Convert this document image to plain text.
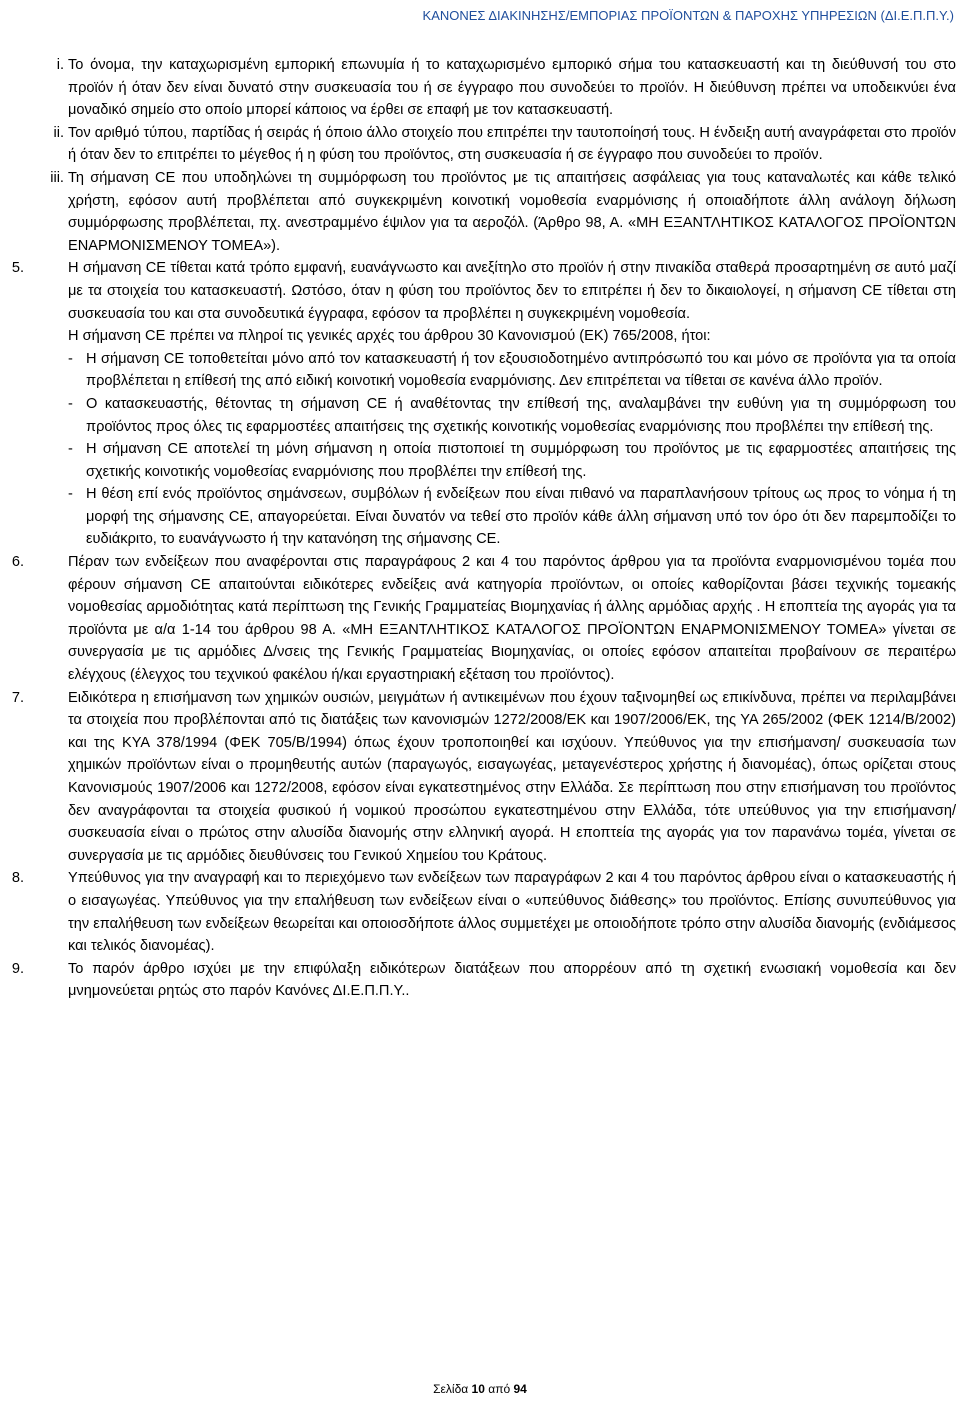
ΚΑΝΟΝΕΣ ΔΙΑΚΙΝΗΣΗΣ/ΕΜΠΟΡΙΑΣ ΠΡΟΪΟΝΤΩΝ & ΠΑΡΟΧΗΣ ΥΠΗΡΕΣΙΩΝ (ΔΙ.Ε.Π.Π.Υ.)
i. Το όνομα, την καταχωρισμένη εμπορική επωνυμία ή το καταχωρισμένο εμπορικό σήμα του κατασκευαστή και τη διεύθυνσή του στο προϊόν ή όταν δεν είναι δυνατό στην συσκευασία του ή σε έγγραφο που συνοδεύει το προϊόν. Η διεύθυνση πρέπει να υποδεικνύει ένα μοναδικό σημείο στο οποίο μπορεί κάποιος να έρθει σε επαφή με τον κατασκευαστή.
ii. Τον αριθμό τύπου, παρτίδας ή σειράς ή όποιο άλλο στοιχείο που επιτρέπει την ταυτοποίησή τους. Η ένδειξη αυτή αναγράφεται στο προϊόν ή όταν δεν το επιτρέπει το μέγεθος ή η φύση του προϊόντος, στη συσκευασία ή σε έγγραφο που συνοδεύει το προϊόν.
iii. Τη σήμανση CE που υποδηλώνει τη συμμόρφωση του προϊόντος με τις απαιτήσεις ασφάλειας για τους καταναλωτές και κάθε τελικό χρήστη, εφόσον αυτή προβλέπεται από συγκεκριμένη κοινοτική νομοθεσία εναρμόνισης ή οποιαδήποτε άλλη ανάλογη δήλωση συμμόρφωσης προβλέπεται, πχ. ανεστραμμένο έψιλον για τα αεροζόλ. (Άρθρο 98, Α. «ΜΗ ΕΞΑΝΤΛΗΤΙΚΟΣ ΚΑΤΑΛΟΓΟΣ ΠΡΟΪΟΝΤΩΝ ΕΝΑΡΜΟΝΙΣΜΕΝΟΥ ΤΟΜΕΑ»).
5.	Η σήμανση CE τίθεται κατά τρόπο εμφανή, ευανάγνωστο και ανεξίτηλο στο προϊόν ή στην πινακίδα σταθερά προσαρτημένη σε αυτό μαζί με τα στοιχεία του κατασκευαστή. Ωστόσο, όταν η φύση του προϊόντος δεν το επιτρέπει ή δεν το δικαιολογεί, η σήμανση CE τίθεται στη συσκευασία του και στα συνοδευτικά έγγραφα, εφόσον τα προβλέπει η συγκεκριμένη νομοθεσία.
Η σήμανση CE πρέπει να πληροί τις γενικές αρχές του άρθρου 30 Κανονισμού (ΕΚ) 765/2008, ήτοι:
- Η σήμανση CE τοποθετείται μόνο από τον κατασκευαστή ή τον εξουσιοδοτημένο αντιπρόσωπό του και μόνο σε προϊόντα για τα οποία προβλέπεται η επίθεσή της από ειδική κοινοτική νομοθεσία εναρμόνισης. Δεν επιτρέπεται να τίθεται σε κανένα άλλο προϊόν.
- Ο κατασκευαστής, θέτοντας τη σήμανση CE ή αναθέτοντας την επίθεσή της, αναλαμβάνει την ευθύνη για τη συμμόρφωση του προϊόντος προς όλες τις εφαρμοστέες απαιτήσεις της σχετικής κοινοτικής νομοθεσίας εναρμόνισης που προβλέπει την επίθεσή της.
- Η σήμανση CE αποτελεί τη μόνη σήμανση η οποία πιστοποιεί τη συμμόρφωση του προϊόντος με τις εφαρμοστέες απαιτήσεις της σχετικής κοινοτικής νομοθεσίας εναρμόνισης που προβλέπει την επίθεσή της.
- Η θέση επί ενός προϊόντος σημάνσεων, συμβόλων ή ενδείξεων που είναι πιθανό να παραπλανήσουν τρίτους ως προς το νόημα ή τη μορφή της σήμανσης CE, απαγορεύεται. Είναι δυνατόν να τεθεί στο προϊόν κάθε άλλη σήμανση υπό τον όρο ότι δεν παρεμποδίζει το ευδιάκριτο, το ευανάγνωστο ή την κατανόηση της σήμανσης CE.
6.	Πέραν των ενδείξεων που αναφέρονται στις παραγράφους 2 και 4 του παρόντος άρθρου για τα προϊόντα εναρμονισμένου τομέα που φέρουν σήμανση CE απαιτούνται ειδικότερες ενδείξεις ανά κατηγορία προϊόντων, οι οποίες καθορίζονται βάσει τεχνικής τομεακής νομοθεσίας αρμοδιότητας κατά περίπτωση της Γενικής Γραμματείας Βιομηχανίας ή άλλης αρμόδιας αρχής . Η εποπτεία της αγοράς για τα προϊόντα με α/α 1-14 του άρθρου 98 Α. «ΜΗ ΕΞΑΝΤΛΗΤΙΚΟΣ ΚΑΤΑΛΟΓΟΣ ΠΡΟΪΟΝΤΩΝ ΕΝΑΡΜΟΝΙΣΜΕΝΟΥ ΤΟΜΕΑ» γίνεται σε συνεργασία με τις αρμόδιες Δ/νσεις της Γενικής Γραμματείας Βιομηχανίας, οι οποίες εφόσον απαιτείται προβαίνουν σε περαιτέρω ελέγχους (έλεγχος του τεχνικού φακέλου ή/και εργαστηριακή εξέταση του προϊόντος).
7.	Ειδικότερα η επισήμανση των χημικών ουσιών, μειγμάτων ή αντικειμένων που έχουν ταξινομηθεί ως επικίνδυνα, πρέπει να περιλαμβάνει τα στοιχεία που προβλέπονται από τις διατάξεις των κανονισμών 1272/2008/ΕΚ και 1907/2006/ΕΚ, της ΥΑ 265/2002 (ΦΕΚ 1214/Β/2002) και της ΚΥΑ 378/1994 (ΦΕΚ 705/Β/1994) όπως έχουν τροποποιηθεί και ισχύουν. Υπεύθυνος για την επισήμανση/ συσκευασία των χημικών προϊόντων είναι ο προμηθευτής αυτών (παραγωγός, εισαγωγέας, μεταγενέστερος χρήστης ή διανομέας), όπως ορίζεται στους Κανονισμούς 1907/2006 και 1272/2008, εφόσον είναι εγκατεστημένος στην Ελλάδα. Σε περίπτωση που στην επισήμανση του προϊόντος δεν αναγράφονται τα στοιχεία φυσικού ή νομικού προσώπου εγκατεστημένου στην Ελλάδα, τότε υπεύθυνος για την επισήμανση/συσκευασία είναι ο πρώτος στην αλυσίδα διανομής στην ελληνική αγορά. Η εποπτεία της αγοράς για τον παρανάνω τομέα, γίνεται σε συνεργασία με τις αρμόδιες διευθύνσεις του Γενικού Χημείου του Κράτους.
8.	Υπεύθυνος για την αναγραφή και το περιεχόμενο των ενδείξεων των παραγράφων 2 και 4 του παρόντος άρθρου είναι ο κατασκευαστής ή ο εισαγωγέας. Υπεύθυνος για την επαλήθευση των ενδείξεων είναι ο «υπεύθυνος διάθεσης» του προϊόντος. Επίσης συνυπεύθυνος για την επαλήθευση των ενδείξεων θεωρείται και οποιοσδήποτε άλλος συμμετέχει με οποιοδήποτε τρόπο στην αλυσίδα διανομής (ενδιάμεσος και τελικός διανομέας).
9.	Το παρόν άρθρο ισχύει με την επιφύλαξη ειδικότερων διατάξεων που απορρέουν από τη σχετική ενωσιακή νομοθεσία και δεν μνημονεύεται ρητώς στο παρόν Κανόνες ΔΙ.Ε.Π.Π.Υ..
Σελίδα 10 από 94
